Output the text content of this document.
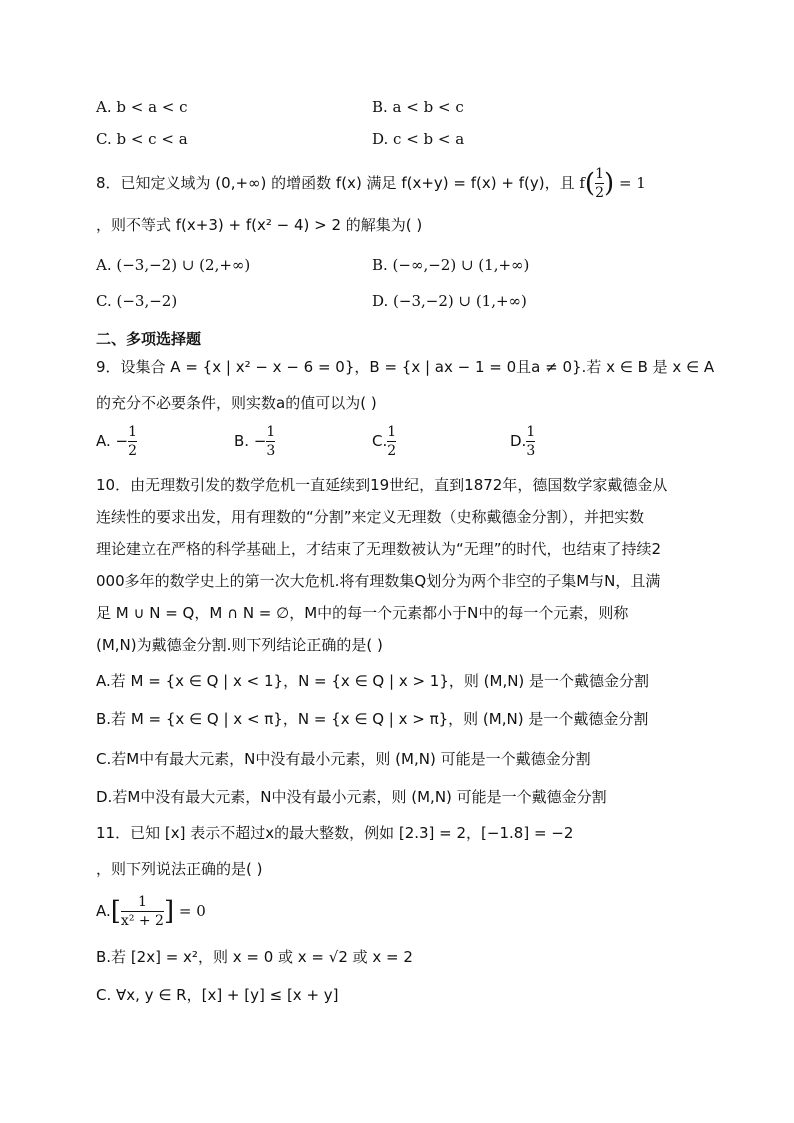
A. b < a < c	B. a < b < c
C. b < c < a	D. c < b < a
8．已知定义域为 (0,+∞) 的增函数 f(x) 满足 f(x+y) = f(x) + f(y)，且 $f( \frac{1}{2}$ ) = 1
，则不等式 f(x+3) + f(x² − 4) > 2 的解集为( )
A. (−3,−2) ∪ (2,+∞)	B. (−∞,−2) ∪ (1,+∞)
C. (−3,−2)	D. (−3,−2) ∪ (1,+∞)
二、多项选择题
9．设集合 A = {x | x² − x − 6 = 0}，B = {x | ax − 1 = 0且a ≠ 0}.若 x ∈ B 是 x ∈ A
的充分不必要条件，则实数a的值可以为( )
A. − $\frac{1}{2}$	B. − $\frac{1}{3}$	C. $\frac{1}{2}$	D. $\frac{1}{3}$
10．由无理数引发的数学危机一直延续到19世纪，直到1872年，德国数学家戴德金从
连续性的要求出发，用有理数的“分割”来定义无理数（史称戴德金分割），并把实数
理论建立在严格的科学基础上，才结束了无理数被认为“无理”的时代，也结束了持续2
000多年的数学史上的第一次大危机.将有理数集Q划分为两个非空的子集M与N，且满
足 M ∪ N = Q，M ∩ N = ∅，M中的每一个元素都小于N中的每一个元素，则称
(M,N)为戴德金分割.则下列结论正确的是( )
A.若 M = {x ∈ Q | x < 1}，N = {x ∈ Q | x > 1}，则 (M,N) 是一个戴德金分割
B.若 M = {x ∈ Q | x < π}，N = {x ∈ Q | x > π}，则 (M,N) 是一个戴德金分割
C.若M中有最大元素，N中没有最小元素，则 (M,N) 可能是一个戴德金分割
D.若M中没有最大元素，N中没有最小元素，则 (M,N) 可能是一个戴德金分割
11．已知 [x] 表示不超过x的最大整数，例如 [2.3] = 2，[−1.8] = −2
，则下列说法正确的是( )
$A.[ \frac{1}{\text{x² + 2}}$ ] = 0
B.若 [2x] = x²，则 x = 0 或 x = √2 或 x = 2
C. ∀x, y ∈ R，[x] + [y] ≤ [x + y]
